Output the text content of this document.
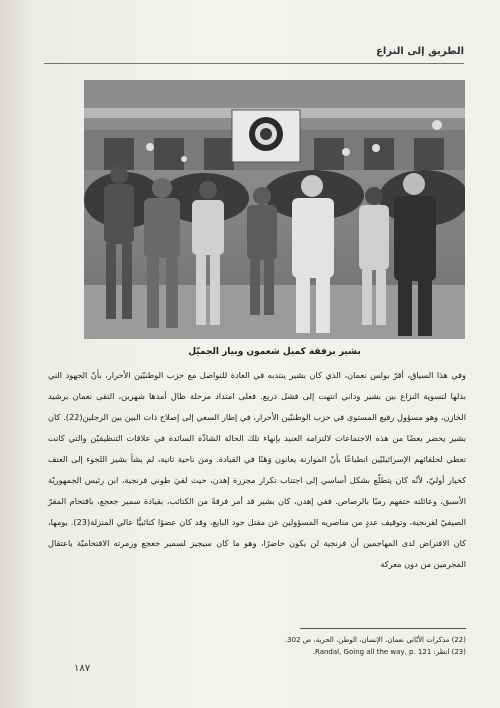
الطريق إلى النزاع
بشير برفقة كميل شعمون وبيار الجميّل

وفي هذا السياق، أقرّ بولس نعمان، الذي كان بشير ينتدبه في العادة للتواصل مع حزب الوطنيّين الأحرار، بأنّ الجهود التي بذلها لتسوية النزاع بين بشير وداني انتهت إلى فشل ذريع. فعلى امتداد مرحلة طال أمدها شهرين، التقى نعمان برشيد الخازن، وهو مسؤول رفيع المستوى في حزب الوطنيّين الأحرار، في إطار السعي إلى إصلاح ذات البين بين الرجلين(22). كان بشير يحضر بعضًا من هذه الاجتماعات لالتزامه العنيد بإنهاء تلك الحالة الشاذّة السائدة في علاقات التنظيمَيْن والتي كانت تعطي لحلفائهم الإسرائيليّين انطباعًا بأنّ الموارنة يعانون وَهَنًا في القيادة. ومن ناحية ثانية، لم يشأ بشير اللجوء إلى العنف كخيار أوليّ، لأنّه كان يتطلّع بشكل أساسي إلى اجتناب تكرار مجزرة إهدن، حيث لقيَ طوني فرنجية، ابن رئيس الجمهوريّة الأسبق، وعائلته حتفهم رميًا بالرصاص. ففي إهدن، كان بشير قد أمر فرقةً من الكتائب، بقيادة سمير جعجع، باقتحام المقرّ الصيفيّ لفرنجية، وتوقيف عددٍ من مناصريه المسؤولين عن مقتل جود البايع، وقد كان عضوًا كتائبيًّا عالي المنزلة(23). يومها، كان الافتراض لدى المهاجمين أن فرنجية لن يكون حاضرًا، وهو ما كان سيجيز لسمير جعجع وزمرته الاقتحاميّة باعتقال المجرمين من دون معركة

(22) مذكرات الأبّاتي نعمان، الإنسان، الوطن، الحرية، ص 302.
(23) انظر: Randal, Going all the way, p. 121.
١٨٧
